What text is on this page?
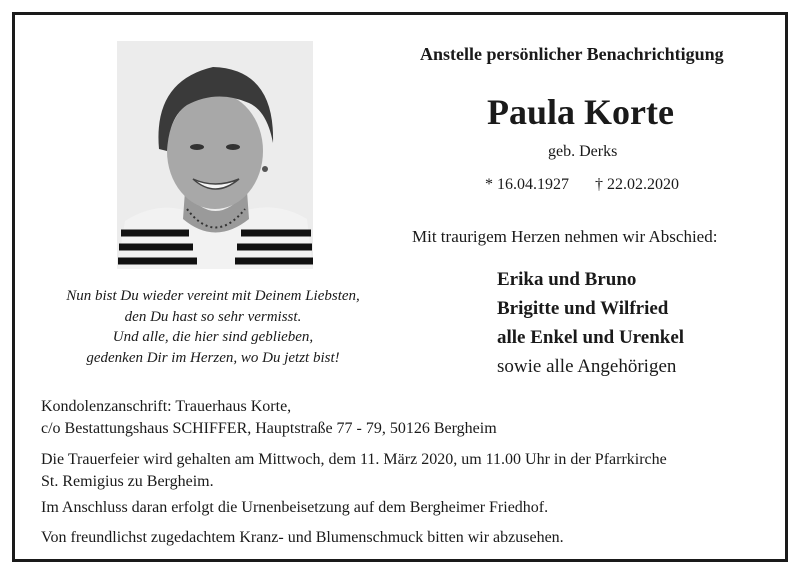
Anstelle persönlicher Benachrichtigung
Paula Korte
geb. Derks
* 16.04.1927 † 22.02.2020
Mit traurigem Herzen nehmen wir Abschied:
Erika und Bruno
Brigitte und Wilfried
alle Enkel und Urenkel
sowie alle Angehörigen
Nun bist Du wieder vereint mit Deinem Liebsten,
den Du hast so sehr vermisst.
Und alle, die hier sind geblieben,
gedenken Dir im Herzen, wo Du jetzt bist!
Kondolenzanschrift: Trauerhaus Korte,
c/o Bestattungshaus SCHIFFER, Hauptstraße 77 - 79, 50126 Bergheim
Die Trauerfeier wird gehalten am Mittwoch, dem 11. März 2020, um 11.00 Uhr in der Pfarrkirche
St. Remigius zu Bergheim.
Im Anschluss daran erfolgt die Urnenbeisetzung auf dem Bergheimer Friedhof.
Von freundlichst zugedachtem Kranz- und Blumenschmuck bitten wir abzusehen.
